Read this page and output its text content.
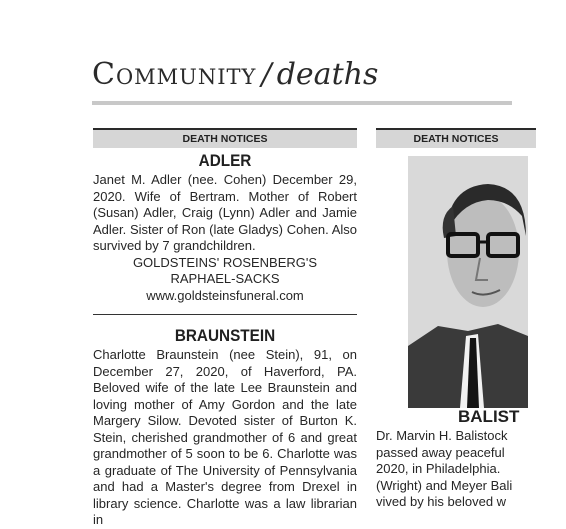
Community / deaths
DEATH NOTICES	DEATH NOTICES
ADLER
Janet M. Adler (nee. Cohen) December 29, 2020. Wife of Bertram. Mother of Robert (Susan) Adler, Craig (Lynn) Adler and Jamie Adler. Sister of Ron (late Gladys) Cohen. Also survived by 7 grandchildren.
GOLDSTEINS' ROSENBERG'S
RAPHAEL-SACKS
www.goldsteinsfuneral.com
BRAUNSTEIN
Charlotte Braunstein (nee Stein), 91, on December 27, 2020, of Haverford, PA. Beloved wife of the late Lee Braunstein and loving mother of Amy Gordon and the late Margery Silow. Devoted sister of Burton K. Stein, cherished grandmother of 6 and great grandmother of 5 soon to be 6. Charlotte was a graduate of The University of Pennsylvania and had a Master's degree from Drexel in library science. Charlotte was a law librarian in
BALIST
Dr. Marvin H. Balistock
passed away peaceful
2020, in Philadelphia.
(Wright) and Meyer Bali
vived by his beloved w
